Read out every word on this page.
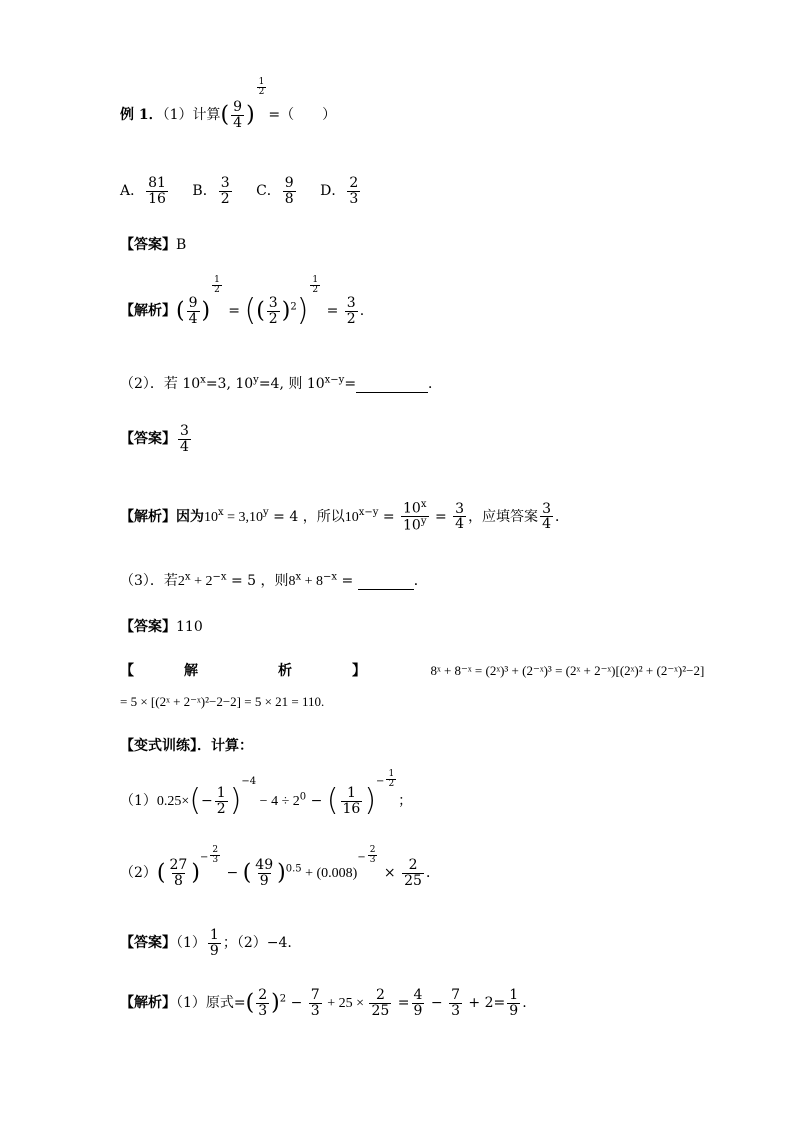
例 1．（1）计算( $\frac{9}{4}$ )
$\frac{1}{2}$
=（　　）
A． $\frac{81}{16}$ B． $\frac{3}{2}$ C． $\frac{9}{8}$ D． $\frac{2}{3}$
【答案】B
【解析】( $\frac{9}{4}$ )
$\frac{1}{2}$
= (( $\frac{3}{2} )^2$)
$\frac{1}{2}$
= $\frac{3}{2}$ .
（2）．若 $10^x=3$, $10^y=4$, 则 $10^{x-y}=$	．
【答案】 $\frac{3}{4}$
【解析】因为$10^x = 3,10^y = 4$ ，所以$10^{x-y} = \frac{10^x}{10^y} = \frac{3}{4}$ ，应填答案 $\frac{3}{4}$ ．
（3）．若$2^x + 2^{-x} = 5$ ，则$8^x + 8^{-x}$ =	．
【答案】110
【	解	析	】	8ˣ + 8⁻ˣ = (2ˣ)³ + (2⁻ˣ)³ = (2ˣ + 2⁻ˣ)[(2ˣ)² + (2⁻ˣ)²−2]
= 5 × [(2ˣ + 2⁻ˣ)²−2−2] = 5 × 21 = 110.
【变式训练】．计算：
$(1)0.25\times(- \frac{1}{2} )^{-4} - 4 \div 2^0$ − ( $\frac{1}{16}$ )− $\frac{1}{2}$
；
$(2)( \frac{27}{8}$ )− $\frac{2}{3}$
− ( $\frac{49}{9} )^{0.5} + (0.008)- \frac{2}{3}$
× $\frac{2}{25}$ ．
【答案】$(1) \frac{1}{9}$ ；（2）−4.
【解析】（1）原式=( $\frac{2}{3} )^2 - \frac{7}{3} + 25 \times \frac{2}{25} = \frac{4}{9} - \frac{7}{3} + 2= \frac{1}{9}$ .
